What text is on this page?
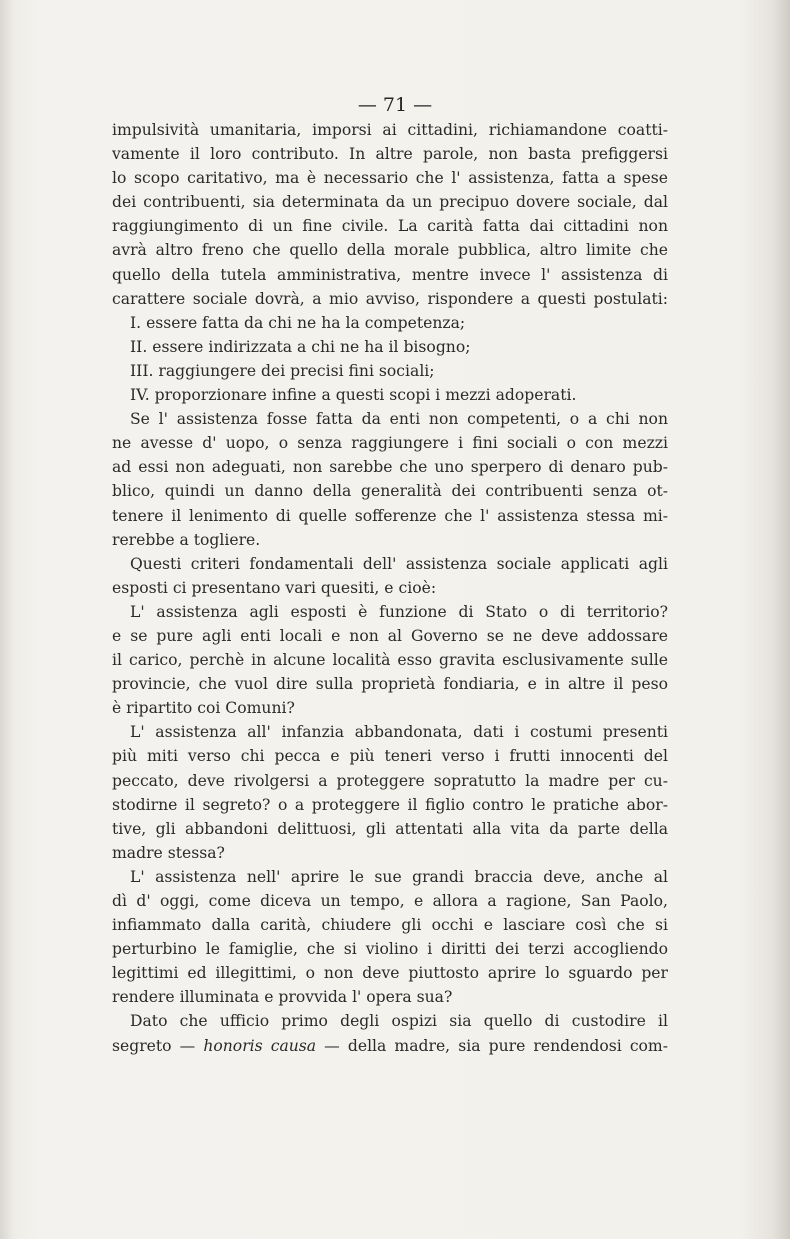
— 71 —
impulsività umanitaria, imporsi ai cittadini, richiamandone coatti-
vamente il loro contributo. In altre parole, non basta prefiggersi
lo scopo caritativo, ma è necessario che l' assistenza, fatta a spese
dei contribuenti, sia determinata da un precipuo dovere sociale, dal
raggiungimento di un fine civile. La carità fatta dai cittadini non
avrà altro freno che quello della morale pubblica, altro limite che
quello della tutela amministrativa, mentre invece l' assistenza di
carattere sociale dovrà, a mio avviso, rispondere a questi postulati:
I. essere fatta da chi ne ha la competenza;
II. essere indirizzata a chi ne ha il bisogno;
III. raggiungere dei precisi fini sociali;
IV. proporzionare infine a questi scopi i mezzi adoperati.
Se l' assistenza fosse fatta da enti non competenti, o a chi non
ne avesse d' uopo, o senza raggiungere i fini sociali o con mezzi
ad essi non adeguati, non sarebbe che uno sperpero di denaro pub-
blico, quindi un danno della generalità dei contribuenti senza ot-
tenere il lenimento di quelle sofferenze che l' assistenza stessa mi-
rerebbe a togliere.
Questi criteri fondamentali dell' assistenza sociale applicati agli
esposti ci presentano vari quesiti, e cioè:
L' assistenza agli esposti è funzione di Stato o di territorio?
e se pure agli enti locali e non al Governo se ne deve addossare
il carico, perchè in alcune località esso gravita esclusivamente sulle
provincie, che vuol dire sulla proprietà fondiaria, e in altre il peso
è ripartito coi Comuni?
L' assistenza all' infanzia abbandonata, dati i costumi presenti
più miti verso chi pecca e più teneri verso i frutti innocenti del
peccato, deve rivolgersi a proteggere sopratutto la madre per cu-
stodirne il segreto? o a proteggere il figlio contro le pratiche abor-
tive, gli abbandoni delittuosi, gli attentati alla vita da parte della
madre stessa?
L' assistenza nell' aprire le sue grandi braccia deve, anche al
dì d' oggi, come diceva un tempo, e allora a ragione, San Paolo,
infiammato dalla carità, chiudere gli occhi e lasciare così che si
perturbino le famiglie, che si violino i diritti dei terzi accogliendo
legittimi ed illegittimi, o non deve piuttosto aprire lo sguardo per
rendere illuminata e provvida l' opera sua?
Dato che ufficio primo degli ospizi sia quello di custodire il
segreto — honoris causa — della madre, sia pure rendendosi com-
